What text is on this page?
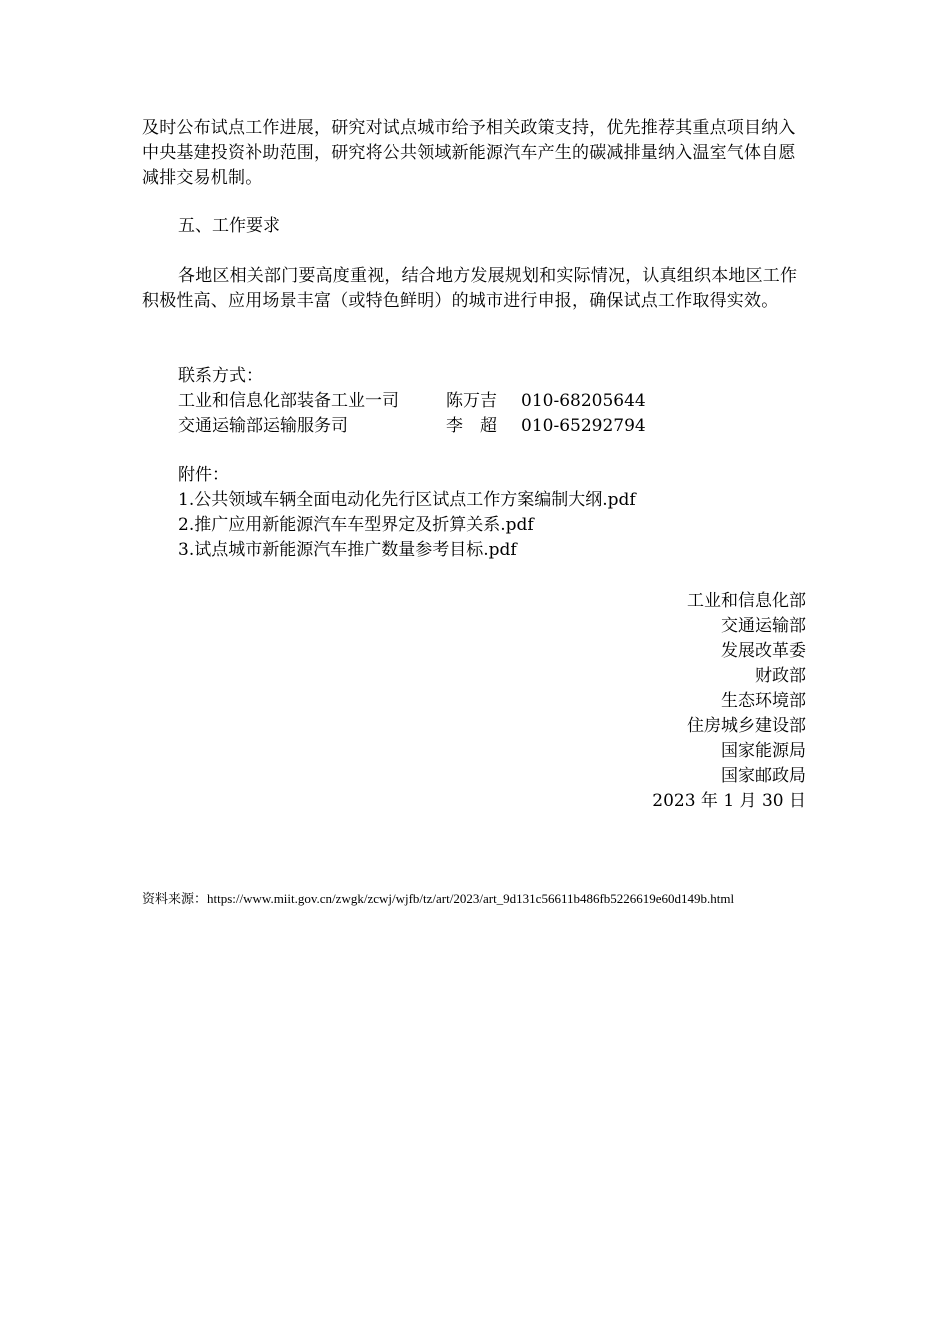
及时公布试点工作进展，研究对试点城市给予相关政策支持，优先推荐其重点项目纳入中央基建投资补助范围，研究将公共领域新能源汽车产生的碳减排量纳入温室气体自愿减排交易机制。

五、工作要求

各地区相关部门要高度重视，结合地方发展规划和实际情况，认真组织本地区工作积极性高、应用场景丰富（或特色鲜明）的城市进行申报，确保试点工作取得实效。

联系方式：
工业和信息化部装备工业一司	陈万吉 010-68205644
交通运输部运输服务司	李　超 010-65292794
附件：
1.公共领域车辆全面电动化先行区试点工作方案编制大纲.pdf
2.推广应用新能源汽车车型界定及折算关系.pdf
3.试点城市新能源汽车推广数量参考目标.pdf
工业和信息化部
交通运输部
发展改革委
财政部
生态环境部
住房城乡建设部
国家能源局
国家邮政局
2023 年 1 月 30 日
资料来源：https://www.miit.gov.cn/zwgk/zcwj/wjfb/tz/art/2023/art_9d131c56611b486fb5226619e60d149b.html
